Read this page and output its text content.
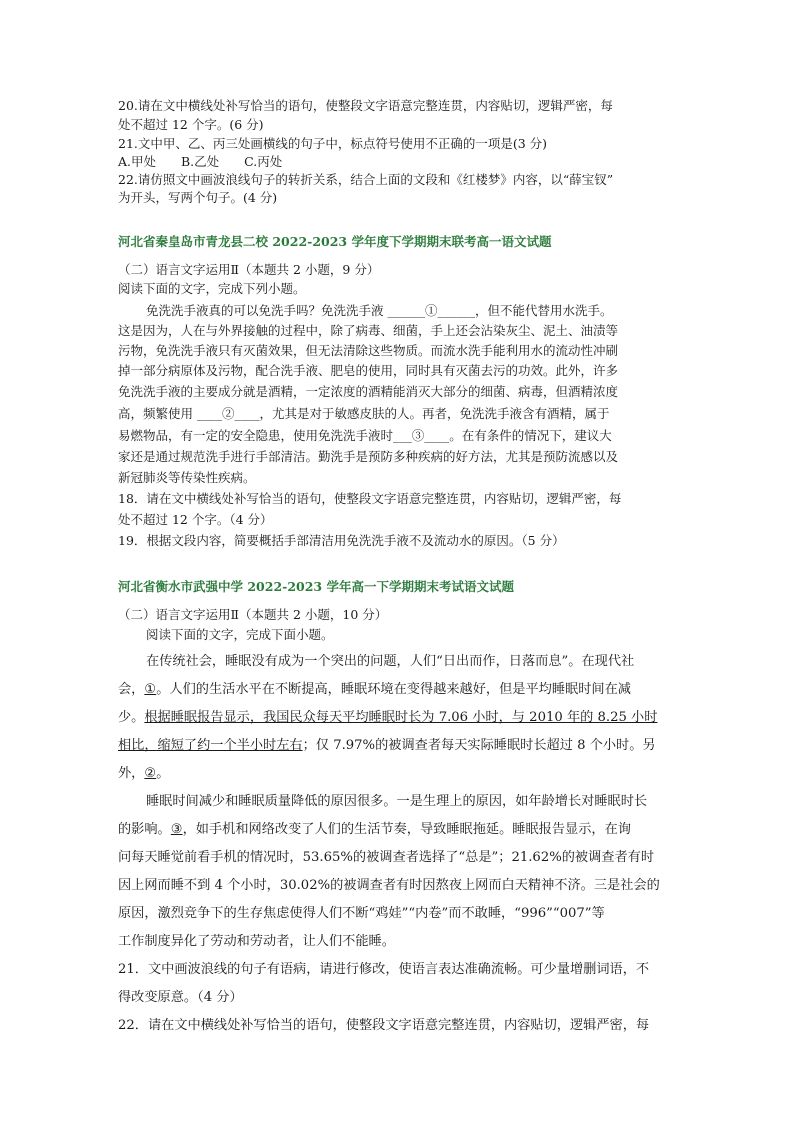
20.请在文中横线处补写恰当的语句，使整段文字语意完整连贯，内容贴切，逻辑严密，每
处不超过 12 个字。(6 分)
21.文中甲、乙、丙三处画横线的句子中，标点符号使用不正确的一项是(3 分)
A.甲处　　B.乙处　　C.丙处
22.请仿照文中画波浪线句子的转折关系，结合上面的文段和《红楼梦》内容，以“薛宝钗”
为开头，写两个句子。(4 分)
河北省秦皇岛市青龙县二校 2022-2023 学年度下学期期末联考高一语文试题
（二）语言文字运用Ⅱ（本题共 2 小题，9 分）
阅读下面的文字，完成下列小题。
免洗洗手液真的可以免洗手吗？免洗洗手液 ______①______，但不能代替用水洗手。
这是因为，人在与外界接触的过程中，除了病毒、细菌，手上还会沾染灰尘、泥土、油渍等
污物，免洗洗手液只有灭菌效果，但无法清除这些物质。而流水洗手能利用水的流动性冲刷
掉一部分病原体及污物，配合洗手液、肥皂的使用，同时具有灭菌去污的功效。此外，许多
免洗洗手液的主要成分就是酒精，一定浓度的酒精能消灭大部分的细菌、病毒，但酒精浓度
高，频繁使用 ____②____，尤其是对于敏感皮肤的人。再者，免洗洗手液含有酒精，属于
易燃物品，有一定的安全隐患，使用免洗洗手液时___③____。在有条件的情况下，建议大
家还是通过规范洗手进行手部清洁。勤洗手是预防多种疾病的好方法，尤其是预防流感以及
新冠肺炎等传染性疾病。
18．请在文中横线处补写恰当的语句，使整段文字语意完整连贯，内容贴切，逻辑严密，每
处不超过 12 个字。（4 分）
19．根据文段内容，简要概括手部清洁用免洗洗手液不及流动水的原因。（5 分）
河北省衡水市武强中学 2022-2023 学年高一下学期期末考试语文试题
（二）语言文字运用Ⅱ（本题共 2 小题，10 分）
阅读下面的文字，完成下面小题。
在传统社会，睡眠没有成为一个突出的问题，人们“日出而作，日落而息”。在现代社
会，①。人们的生活水平在不断提高，睡眠环境在变得越来越好，但是平均睡眠时间在减
少。根据睡眠报告显示，我国民众每天平均睡眠时长为 7.06 小时，与 2010 年的 8.25 小时
相比，缩短了约一个半小时左右；仅 7.97%的被调查者每天实际睡眠时长超过 8 个小时。另
外，②。
睡眠时间减少和睡眠质量降低的原因很多。一是生理上的原因，如年龄增长对睡眠时长
的影响。③，如手机和网络改变了人们的生活节奏，导致睡眠拖延。睡眠报告显示，在询
问每天睡觉前看手机的情况时，53.65%的被调查者选择了“总是”；21.62%的被调查者有时
因上网而睡不到 4 个小时，30.02%的被调查者有时因熬夜上网而白天精神不济。三是社会的
原因，激烈竞争下的生存焦虑使得人们不断“鸡娃”“内卷”而不敢睡，“996”“007”等
工作制度异化了劳动和劳动者，让人们不能睡。
21．文中画波浪线的句子有语病，请进行修改，使语言表达准确流畅。可少量增删词语，不
得改变原意。（4 分）
22．请在文中横线处补写恰当的语句，使整段文字语意完整连贯，内容贴切，逻辑严密，每
